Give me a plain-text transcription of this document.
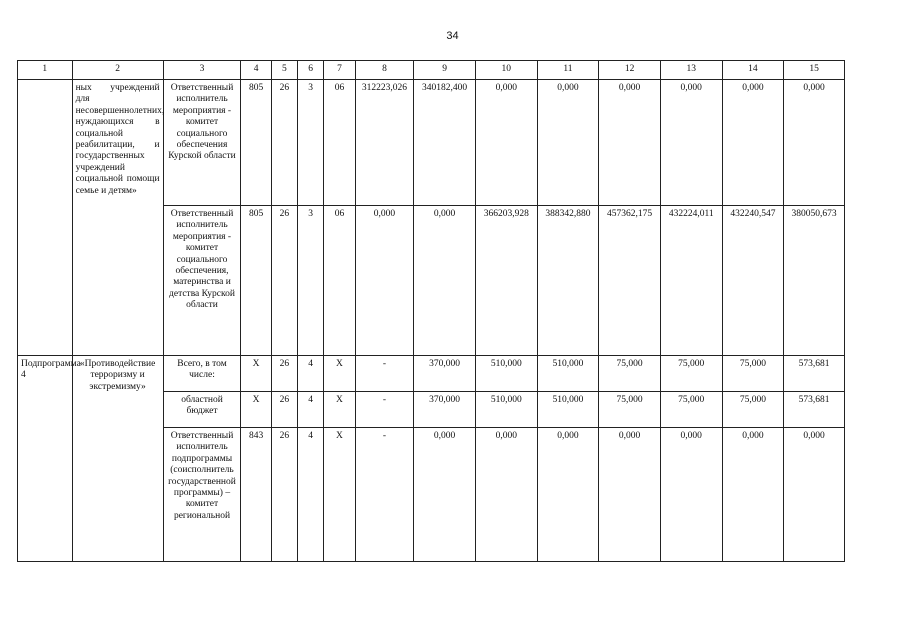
34
1	2	3	4	5	6	7	8	9	10	11	12	13	14	15
	ных учреждений для несовершеннолетних, нуждающихся в социальной реабилитации, и государственных учреждений социальной помощи семье и детям»	Ответственный исполнитель мероприятия - комитет социального обеспечения Курской области	805	26	3	06	312223,026	340182,400	0,000	0,000	0,000	0,000	0,000	0,000
		Ответственный исполнитель мероприятия - комитет социального обеспечения, материнства и детства Курской области	805	26	3	06	0,000	0,000	366203,928	388342,880	457362,175	432224,011	432240,547	380050,673
Подпрограмма 4	«Противодействие терроризму и экстремизму»	Всего, в том числе:	X	26	4	X	-	370,000	510,000	510,000	75,000	75,000	75,000	573,681
		областной бюджет	X	26	4	X	-	370,000	510,000	510,000	75,000	75,000	75,000	573,681
		Ответственный исполнитель подпрограммы (соисполнитель государственной программы) – комитет региональной	843	26	4	X	-	0,000	0,000	0,000	0,000	0,000	0,000	0,000
